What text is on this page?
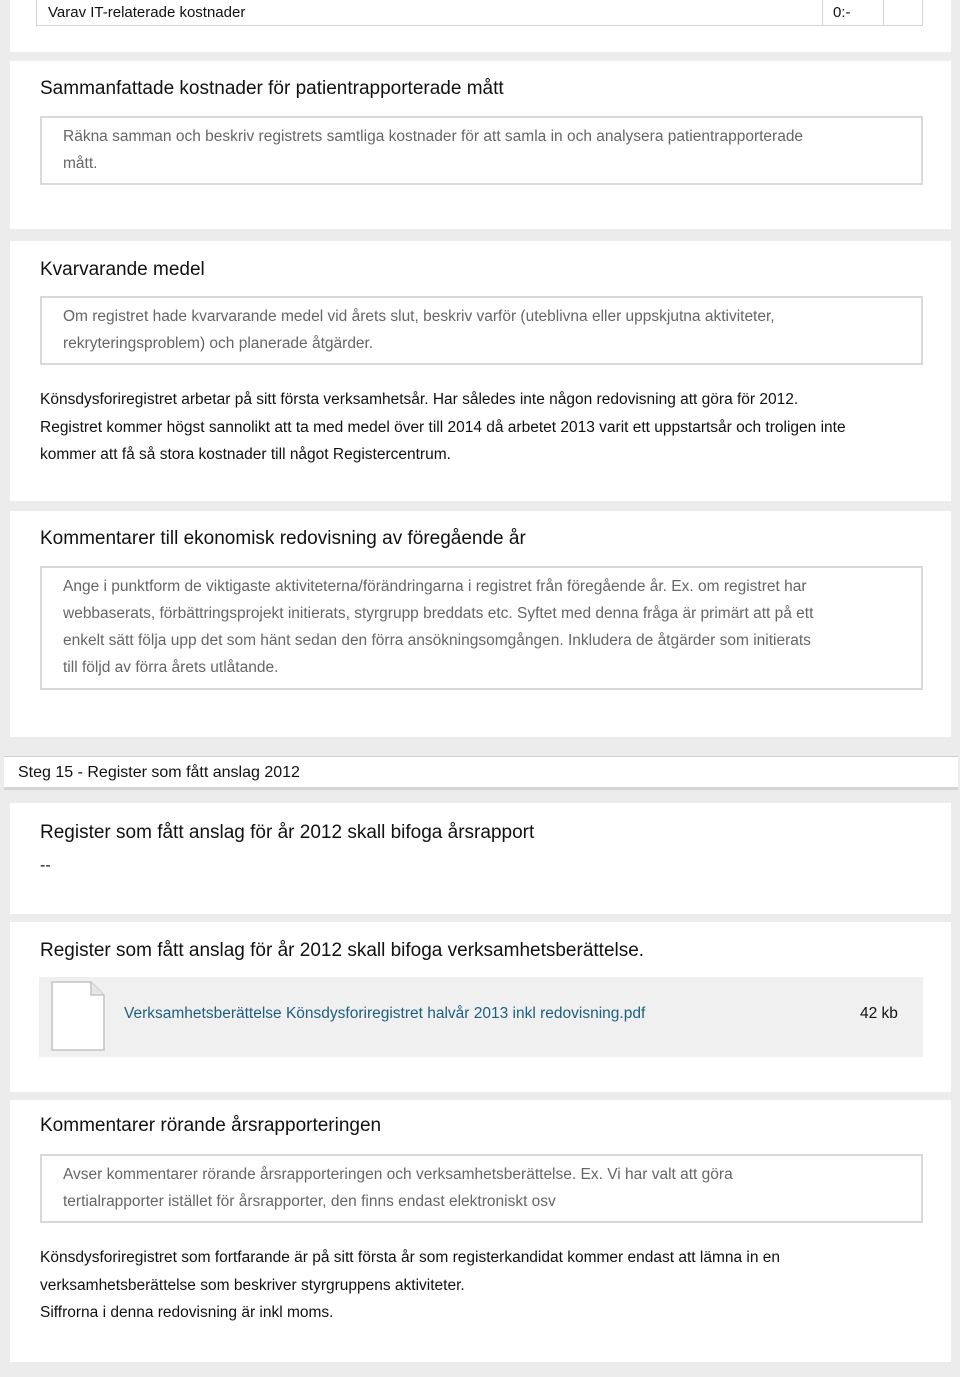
Varav IT-relaterade kostnader	0:-
Sammanfattade kostnader för patientrapporterade mått
Räkna samman och beskriv registrets samtliga kostnader för att samla in och analysera patientrapporterade
mått.
Kvarvarande medel
Om registret hade kvarvarande medel vid årets slut, beskriv varför (uteblivna eller uppskjutna aktiviteter,
rekryteringsproblem) och planerade åtgärder.
Könsdysforiregistret arbetar på sitt första verksamhetsår. Har således inte någon redovisning att göra för 2012.
Registret kommer högst sannolikt att ta med medel över till 2014 då arbetet 2013 varit ett uppstartsår och troligen inte
kommer att få så stora kostnader till något Registercentrum.
Kommentarer till ekonomisk redovisning av föregående år
Ange i punktform de viktigaste aktiviteterna/förändringarna i registret från föregående år. Ex. om registret har
webbaserats, förbättringsprojekt initierats, styrgrupp breddats etc. Syftet med denna fråga är primärt att på ett
enkelt sätt följa upp det som hänt sedan den förra ansökningsomgången. Inkludera de åtgärder som initierats
till följd av förra årets utlåtande.
Steg 15 - Register som fått anslag 2012
Register som fått anslag för år 2012 skall bifoga årsrapport
--
Register som fått anslag för år 2012 skall bifoga verksamhetsberättelse.
Verksamhetsberättelse Könsdysforiregistret halvår 2013 inkl redovisning.pdf	42 kb
Kommentarer rörande årsrapporteringen
Avser kommentarer rörande årsrapporteringen och verksamhetsberättelse. Ex. Vi har valt att göra
tertialrapporter istället för årsrapporter, den finns endast elektroniskt osv
Könsdysforiregistret som fortfarande är på sitt första år som registerkandidat kommer endast att lämna in en
verksamhetsberättelse som beskriver styrgruppens aktiviteter.
Siffrorna i denna redovisning är inkl moms.
